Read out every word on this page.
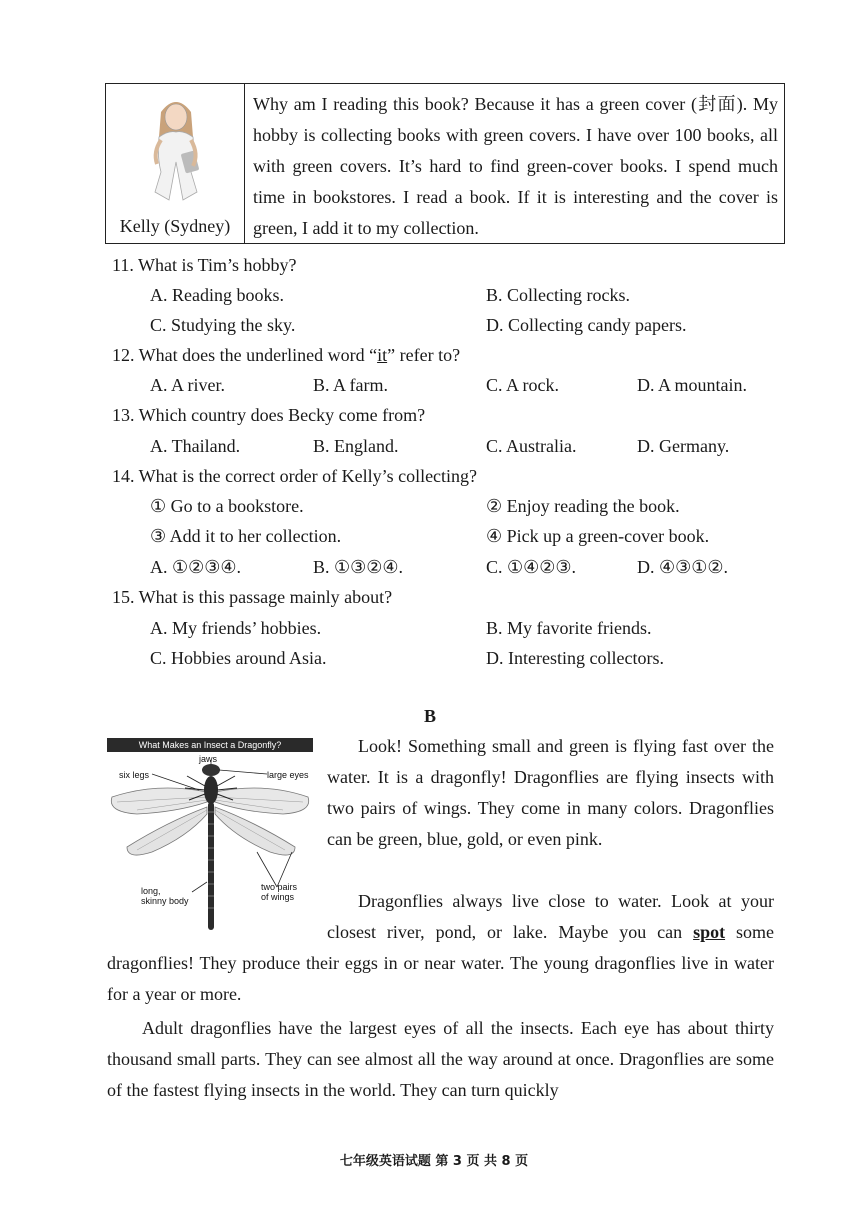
Kelly (Sydney)
Why am I reading this book? Because it has a green cover (封面). My hobby is collecting books with green covers. I have over 100 books, all with green covers. It’s hard to find green-cover books. I spend much time in bookstores. I read a book. If it is interesting and the cover is green, I add it to my collection.
11. What is Tim’s hobby?
A. Reading books.	B. Collecting rocks.
C. Studying the sky.	D. Collecting candy papers.
12. What does the underlined word “it” refer to?
A. A river.	B. A farm.	C. A rock.	D. A mountain.
13. Which country does Becky come from?
A. Thailand.	B. England.	C. Australia.	D. Germany.
14. What is the correct order of Kelly’s collecting?
① Go to a bookstore.	② Enjoy reading the book.
③ Add it to her collection.	④ Pick up a green-cover book.
A. ①②③④.	B. ①③②④.	C. ①④②③.	D. ④③①②.
15. What is this passage mainly about?
A. My friends’ hobbies.	B. My favorite friends.
C. Hobbies around Asia.	D. Interesting collectors.
B
What Makes an Insect a Dragonfly?
jaws
six legs	large eyes
long,
skinny body
two pairs
of wings
Look! Something small and green is flying fast over the water. It is a dragonfly! Dragonflies are flying insects with two pairs of wings. They come in many colors. Dragonflies can be green, blue, gold, or even pink.
Dragonflies always live close to water. Look at your closest river, pond, or lake. Maybe you can spot some dragonflies! They produce their eggs in or near water. The young dragonflies live in water for a year or more.
Adult dragonflies have the largest eyes of all the insects. Each eye has about thirty thousand small parts. They can see almost all the way around at once. Dragonflies are some of the fastest flying insects in the world. They can turn quickly
七年级英语试题 第 3 页 共 8 页
